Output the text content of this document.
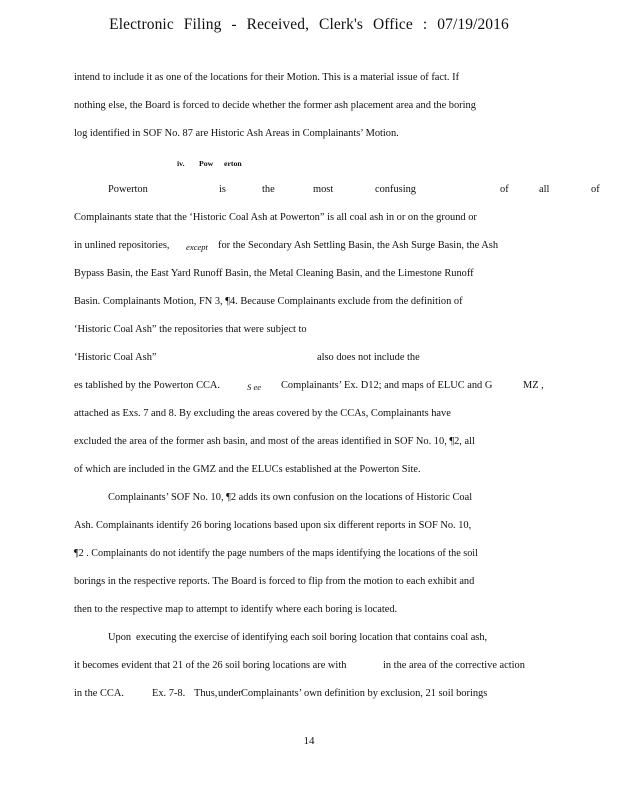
Electronic Filing - Received, Clerk's Office : 07/19/2016
intend to include it as one of the locations for their Motion. This is a material issue of fact. If
nothing else, the Board is forced to decide whether the former ash placement area and the boring
log identified in SOF No. 87 are Historic Ash Areas in Complainants’ Motion.
iv. Pow erton
Powerton	is	the	most	confusing	of	all	of
Complainants state that the ‘Historic Coal Ash at Powerton” is all coal ash in or on the ground or
in unlined repositories, except for the Secondary Ash Settling Basin, the Ash Surge Basin, the Ash
Bypass Basin, the East Yard Runoff Basin, the Metal Cleaning Basin, and the Limestone Runoff
Basin. Complainants Motion, FN 3, ¶4. Because Complainants exclude from the definition of
‘Historic Coal Ash” the repositories that were subject to
‘Historic Coal Ash”	also does not include the
es tablished by the Powerton CCA.	S ee Complainants’ Ex. D12; and maps of ELUC and G	MZ ,
attached as Exs. 7 and 8. By excluding the areas covered by the CCAs, Complainants have
excluded the area of the former ash basin, and most of the areas identified in SOF No. 10, ¶2, all
of which are included in the GMZ and the ELUCs established at the Powerton Site.
Complainants’ SOF No. 10, ¶2 adds its own confusion on the locations of Historic Coal
Ash. Complainants identify 26 boring locations based upon six different reports in SOF No. 10,
¶2 . Complainants do not identify the page numbers of the maps identifying the locations of the soil
borings in the respective reports. The Board is forced to flip from the motion to each exhibit and
then to the respective map to attempt to identify where each boring is located.
Upon executing the exercise of identifying each soil boring location that contains coal ash,
it becomes evident that 21 of the 26 soil boring locations are with	in the area of the corrective action
in the CCA.	Ex. 7-8. Thus, under Complainants’ own definition by exclusion, 21 soil borings
14
